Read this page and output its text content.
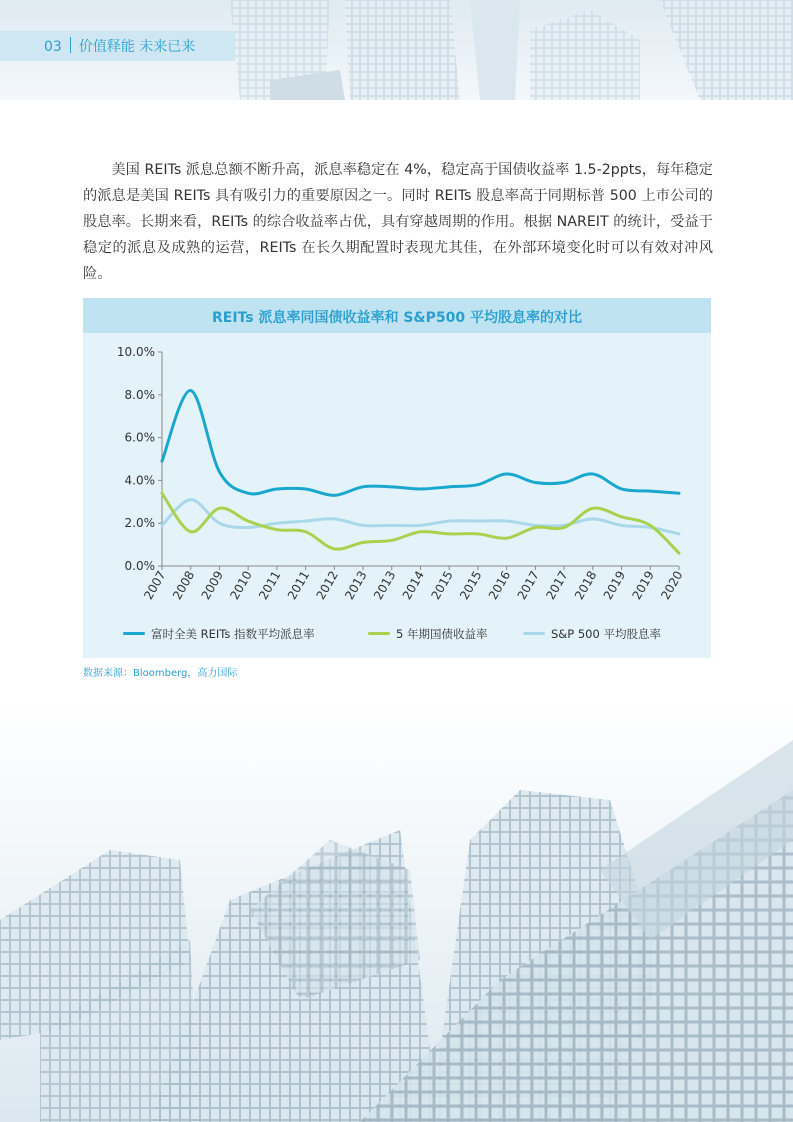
03 价值释能 未来已来
美国 REITs 派息总额不断升高，派息率稳定在 4%，稳定高于国债收益率 1.5-2ppts，每年稳定的派息是美国 REITs 具有吸引力的重要原因之一。同时 REITs 股息率高于同期标普 500 上市公司的股息率。长期来看，REITs 的综合收益率占优，具有穿越周期的作用。根据 NAREIT 的统计，受益于稳定的派息及成熟的运营，REITs 在长久期配置时表现尤其佳，在外部环境变化时可以有效对冲风险。
REITs 派息率同国债收益率和 S&P500 平均股息率的对比
0.0%
2.0%
4.0%
6.0%
8.0%
10.0%
2007 2008 2009 2010 2011 2011 2012 2013 2013 2014 2015 2015 2016 2017 2017 2018 2019 2019 2020
富时全美 REITs 指数平均派息率	5 年期国债收益率	S&P 500 平均股息率
数据来源：Bloomberg，高力国际
